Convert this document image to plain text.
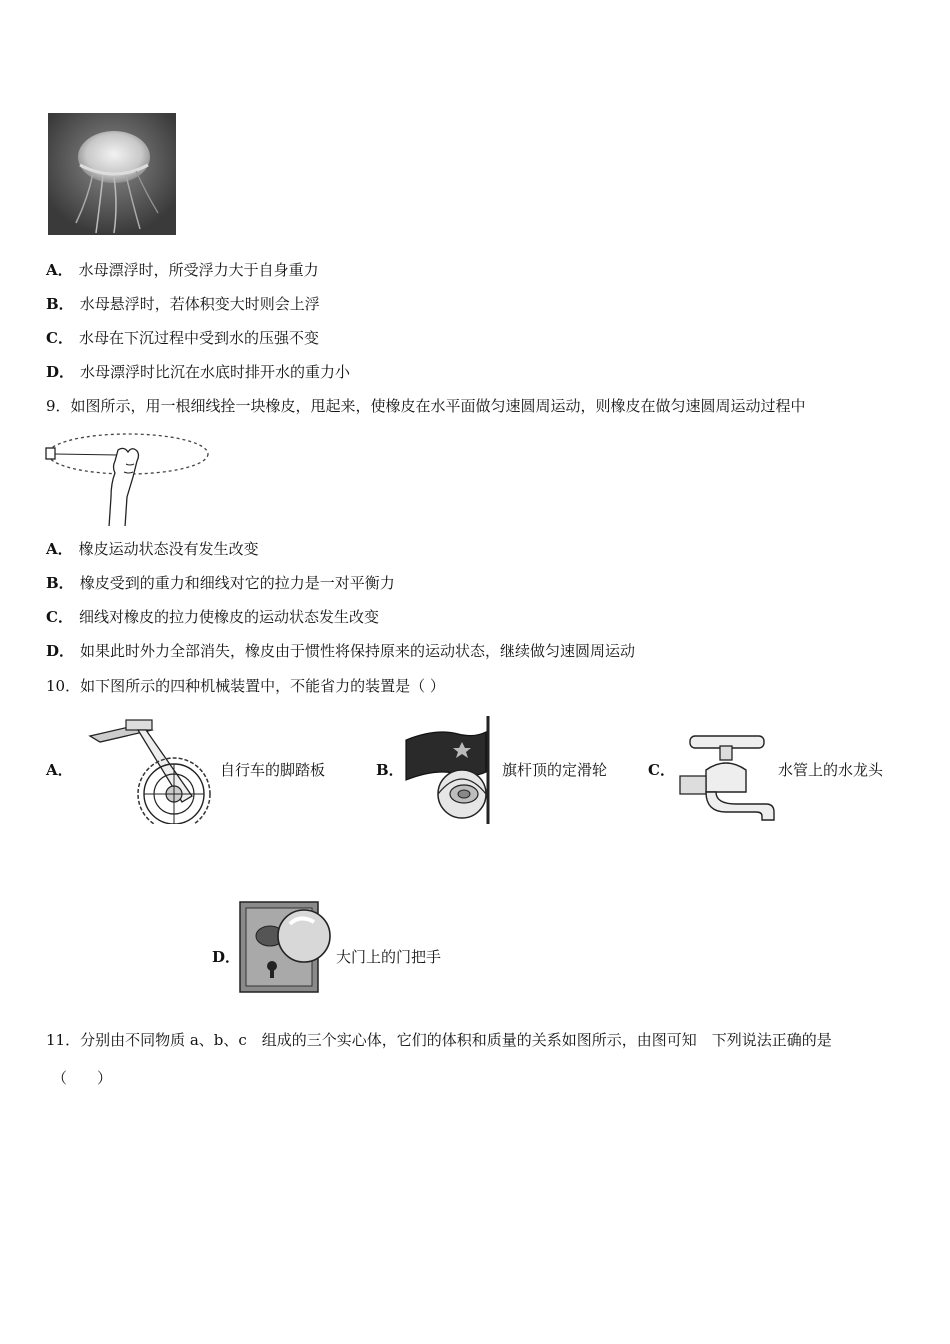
A． 水母漂浮时，所受浮力大于自身重力
B． 水母悬浮时，若体积变大时则会上浮
C． 水母在下沉过程中受到水的压强不变
D． 水母漂浮时比沉在水底时排开水的重力小
9．如图所示，用一根细线拴一块橡皮，甩起来，使橡皮在水平面做匀速圆周运动，则橡皮在做匀速圆周运动过程中
A． 橡皮运动状态没有发生改变
B． 橡皮受到的重力和细线对它的拉力是一对平衡力
C． 细线对橡皮的拉力使橡皮的运动状态发生改变
D． 如果此时外力全部消失，橡皮由于惯性将保持原来的运动状态，继续做匀速圆周运动
10．如下图所示的四种机械装置中，不能省力的装置是（ ）
A．	自行车的脚踏板	B．	旗杆顶的定滑轮	C．	水管上的水龙头
D．	大门上的门把手
11．分别由不同物质 a、b、c　组成的三个实心体，它们的体积和质量的关系如图所示，由图可知　下列说法正确的是
（　　）
